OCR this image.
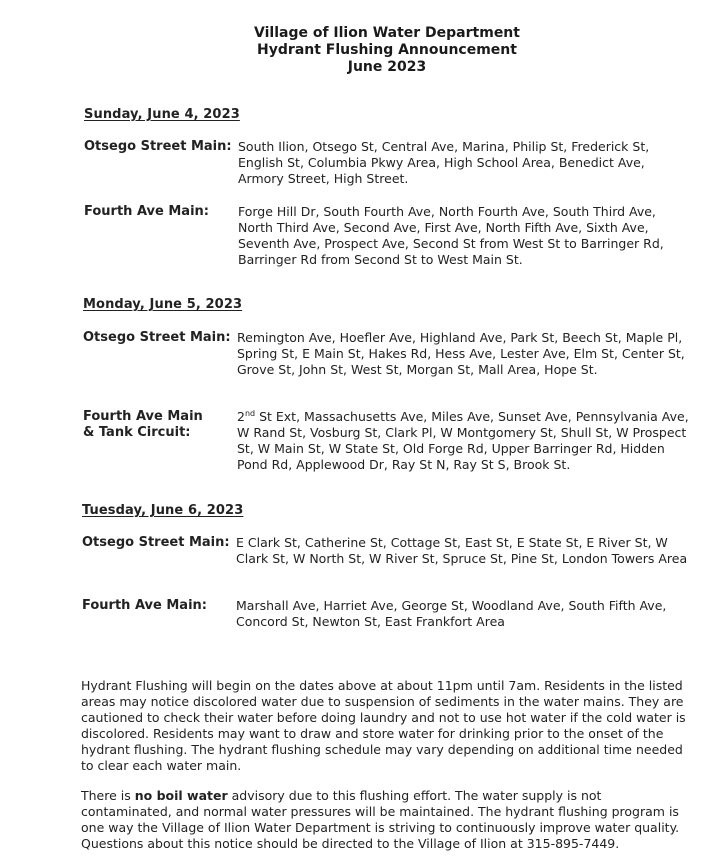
Village of Ilion Water Department
Hydrant Flushing Announcement
June 2023
Sunday, June 4, 2023
Otsego Street Main: South Ilion, Otsego St, Central Ave, Marina, Philip St, Frederick St, English St, Columbia Pkwy Area, High School Area, Benedict Ave, Armory Street, High Street.
Fourth Ave Main: Forge Hill Dr, South Fourth Ave, North Fourth Ave, South Third Ave, North Third Ave, Second Ave, First Ave, North Fifth Ave, Sixth Ave, Seventh Ave, Prospect Ave, Second St from West St to Barringer Rd, Barringer Rd from Second St to West Main St.
Monday, June 5, 2023
Otsego Street Main: Remington Ave, Hoefler Ave, Highland Ave, Park St, Beech St, Maple Pl, Spring St, E Main St, Hakes Rd, Hess Ave, Lester Ave, Elm St, Center St, Grove St, John St, West St, Morgan St, Mall Area, Hope St.
Fourth Ave Main & Tank Circuit:
2nd St Ext, Massachusetts Ave, Miles Ave, Sunset Ave, Pennsylvania Ave, W Rand St, Vosburg St, Clark Pl, W Montgomery St, Shull St, W Prospect St, W Main St, W State St, Old Forge Rd, Upper Barringer Rd, Hidden Pond Rd, Applewood Dr, Ray St N, Ray St S, Brook St.
Tuesday, June 6, 2023
Otsego Street Main: E Clark St, Catherine St, Cottage St, East St, E State St, E River St, W Clark St, W North St, W River St, Spruce St, Pine St, London Towers Area
Fourth Ave Main: Marshall Ave, Harriet Ave, George St, Woodland Ave, South Fifth Ave, Concord St, Newton St, East Frankfort Area
Hydrant Flushing will begin on the dates above at about 11pm until 7am. Residents in the listed areas may notice discolored water due to suspension of sediments in the water mains. They are cautioned to check their water before doing laundry and not to use hot water if the cold water is discolored. Residents may want to draw and store water for drinking prior to the onset of the hydrant flushing. The hydrant flushing schedule may vary depending on additional time needed to clear each water main.
There is no boil water advisory due to this flushing effort. The water supply is not contaminated, and normal water pressures will be maintained. The hydrant flushing program is one way the Village of Ilion Water Department is striving to continuously improve water quality. Questions about this notice should be directed to the Village of Ilion at 315-895-7449.
